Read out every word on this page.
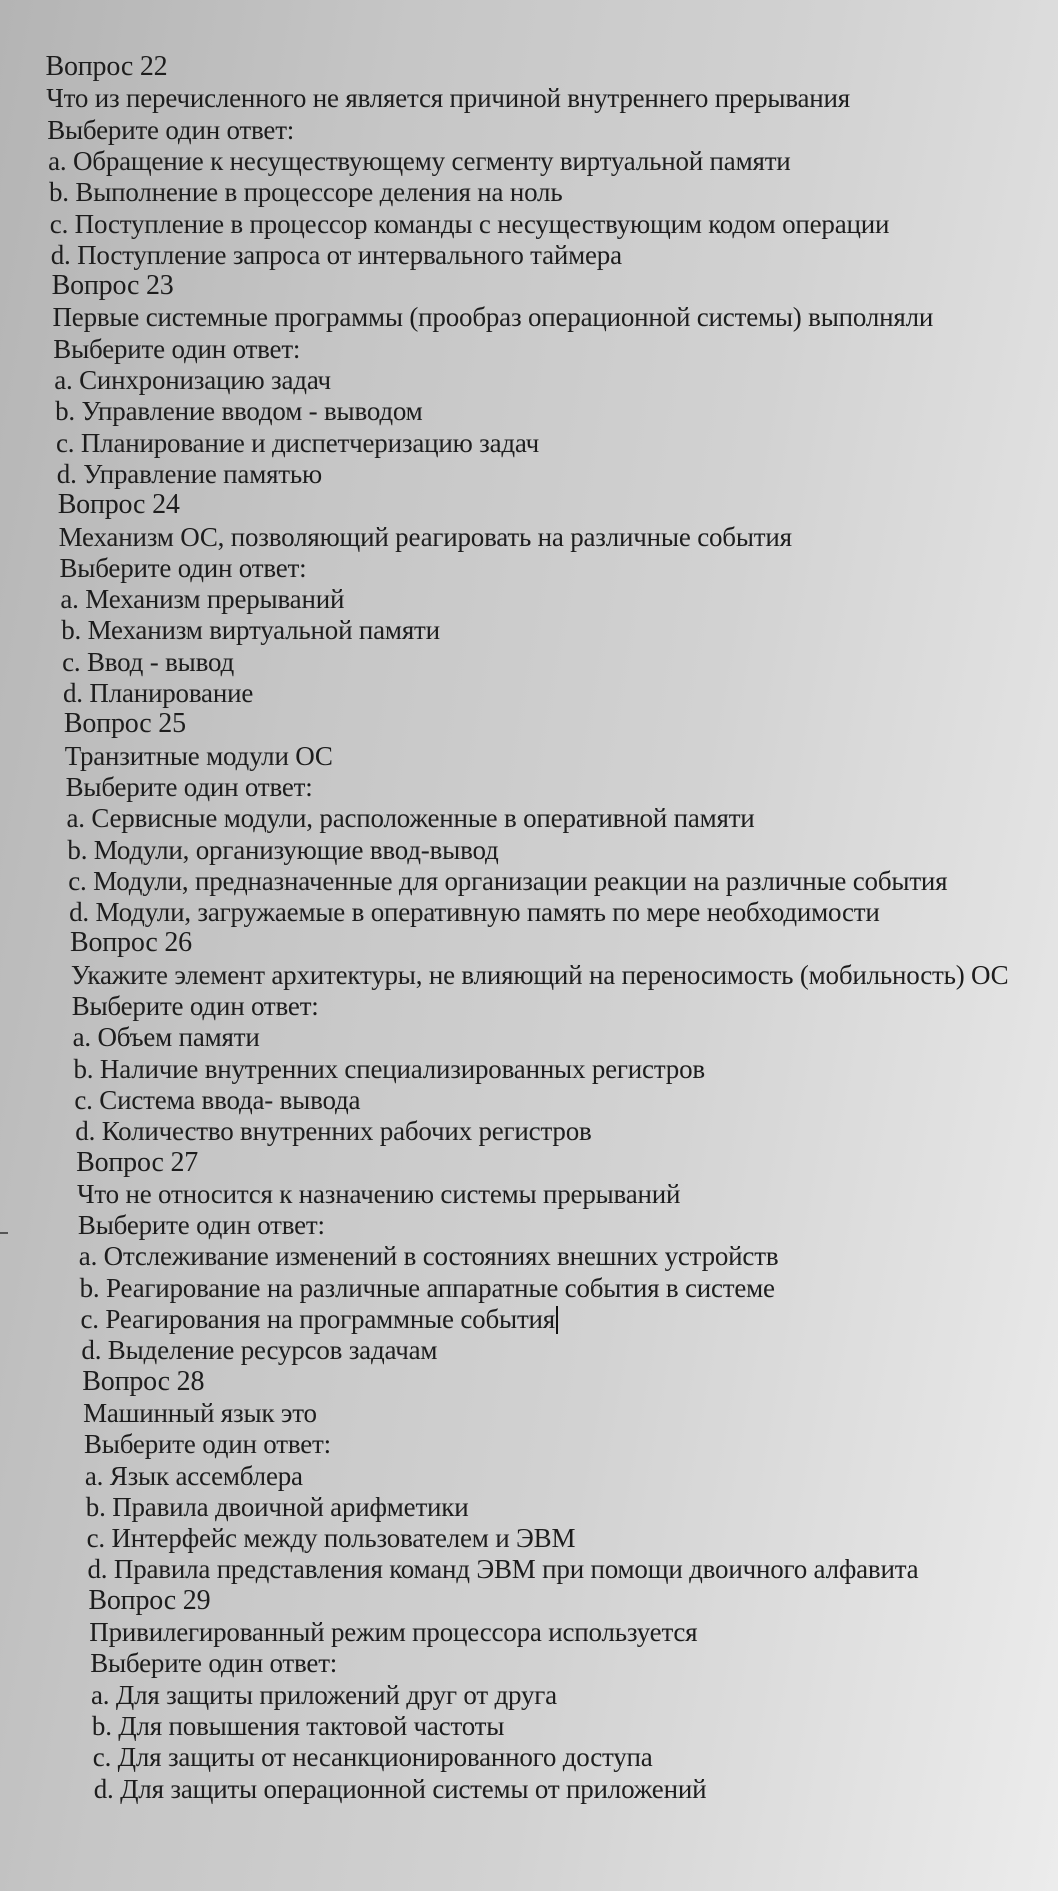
Вопрос 22
Что из перечисленного не является причиной внутреннего прерывания
Выберите один ответ:
a. Обращение к несуществующему сегменту виртуальной памяти
b. Выполнение в процессоре деления на ноль
c. Поступление в процессор команды с несуществующим кодом операции
d. Поступление запроса от интервального таймера
Вопрос 23
Первые системные программы (прообраз операционной системы) выполняли
Выберите один ответ:
a. Синхронизацию задач
b. Управление вводом - выводом
c. Планирование и диспетчеризацию задач
d. Управление памятью
Вопрос 24
Механизм ОС, позволяющий реагировать на различные события
Выберите один ответ:
a. Механизм прерываний
b. Механизм виртуальной памяти
c. Ввод - вывод
d. Планирование
Вопрос 25
Транзитные модули ОС
Выберите один ответ:
a. Сервисные модули, расположенные в оперативной памяти
b. Модули, организующие ввод-вывод
c. Модули, предназначенные для организации реакции на различные события
d. Модули, загружаемые в оперативную память по мере необходимости
Вопрос 26
Укажите элемент архитектуры, не влияющий на переносимость (мобильность) ОС
Выберите один ответ:
a. Объем памяти
b. Наличие внутренних специализированных регистров
c. Система ввода- вывода
d. Количество внутренних рабочих регистров
Вопрос 27
Что не относится к назначению системы прерываний
Выберите один ответ:
a. Отслеживание изменений в состояниях внешних устройств
b. Реагирование на различные аппаратные события в системе
c. Реагирования на программные события
d. Выделение ресурсов задачам
Вопрос 28
Машинный язык это
Выберите один ответ:
a. Язык ассемблера
b. Правила двоичной арифметики
c. Интерфейс между пользователем и ЭВМ
d. Правила представления команд ЭВМ при помощи двоичного алфавита
Вопрос 29
Привилегированный режим процессора используется
Выберите один ответ:
a. Для защиты приложений друг от друга
b. Для повышения тактовой частоты
c. Для защиты от несанкционированного доступа
d. Для защиты операционной системы от приложений
